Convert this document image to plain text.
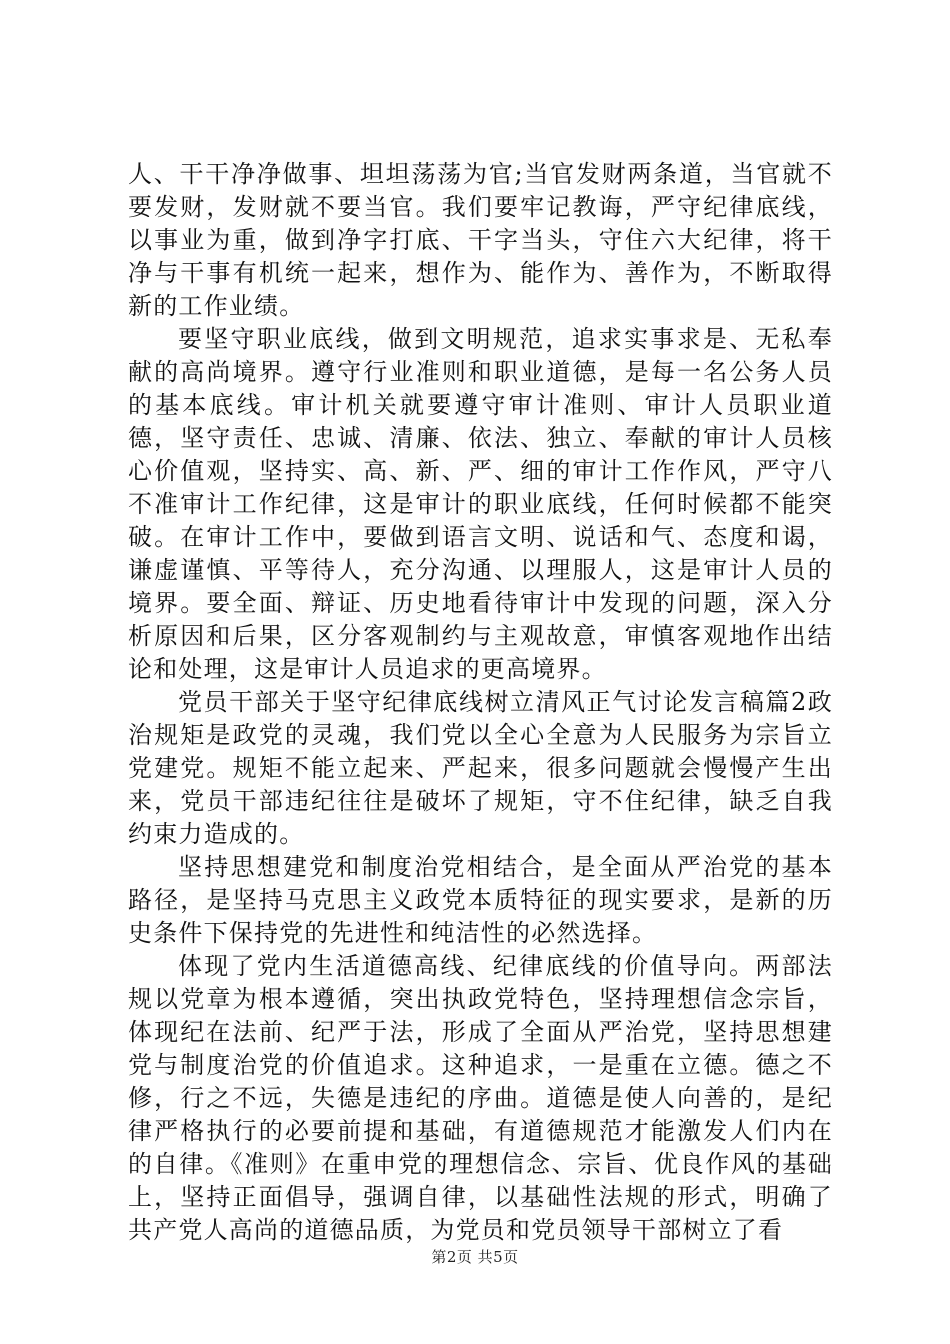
人、干干净净做事、坦坦荡荡为官;当官发财两条道，当官就不要发财，发财就不要当官。我们要牢记教诲，严守纪律底线，以事业为重，做到净字打底、干字当头，守住六大纪律，将干净与干事有机统一起来，想作为、能作为、善作为，不断取得新的工作业绩。

要坚守职业底线，做到文明规范，追求实事求是、无私奉献的高尚境界。遵守行业准则和职业道德，是每一名公务人员的基本底线。审计机关就要遵守审计准则、审计人员职业道德，坚守责任、忠诚、清廉、依法、独立、奉献的审计人员核心价值观，坚持实、高、新、严、细的审计工作作风，严守八不准审计工作纪律，这是审计的职业底线，任何时候都不能突破。在审计工作中，要做到语言文明、说话和气、态度和谒，谦虚谨慎、平等待人，充分沟通、以理服人，这是审计人员的境界。要全面、辩证、历史地看待审计中发现的问题，深入分析原因和后果，区分客观制约与主观故意，审慎客观地作出结论和处理，这是审计人员追求的更高境界。

党员干部关于坚守纪律底线树立清风正气讨论发言稿篇2政治规矩是政党的灵魂，我们党以全心全意为人民服务为宗旨立党建党。规矩不能立起来、严起来，很多问题就会慢慢产生出来，党员干部违纪往往是破坏了规矩，守不住纪律，缺乏自我约束力造成的。

坚持思想建党和制度治党相结合，是全面从严治党的基本路径，是坚持马克思主义政党本质特征的现实要求，是新的历史条件下保持党的先进性和纯洁性的必然选择。

体现了党内生活道德高线、纪律底线的价值导向。两部法规以党章为根本遵循，突出执政党特色，坚持理想信念宗旨，体现纪在法前、纪严于法，形成了全面从严治党，坚持思想建党与制度治党的价值追求。这种追求，一是重在立德。德之不修，行之不远，失德是违纪的序曲。道德是使人向善的，是纪律严格执行的必要前提和基础，有道德规范才能激发人们内在的自律。《准则》在重申党的理想信念、宗旨、优良作风的基础上，坚持正面倡导，强调自律，以基础性法规的形式，明确了共产党人高尚的道德品质，为党员和党员领导干部树立了看

第2页 共5页
